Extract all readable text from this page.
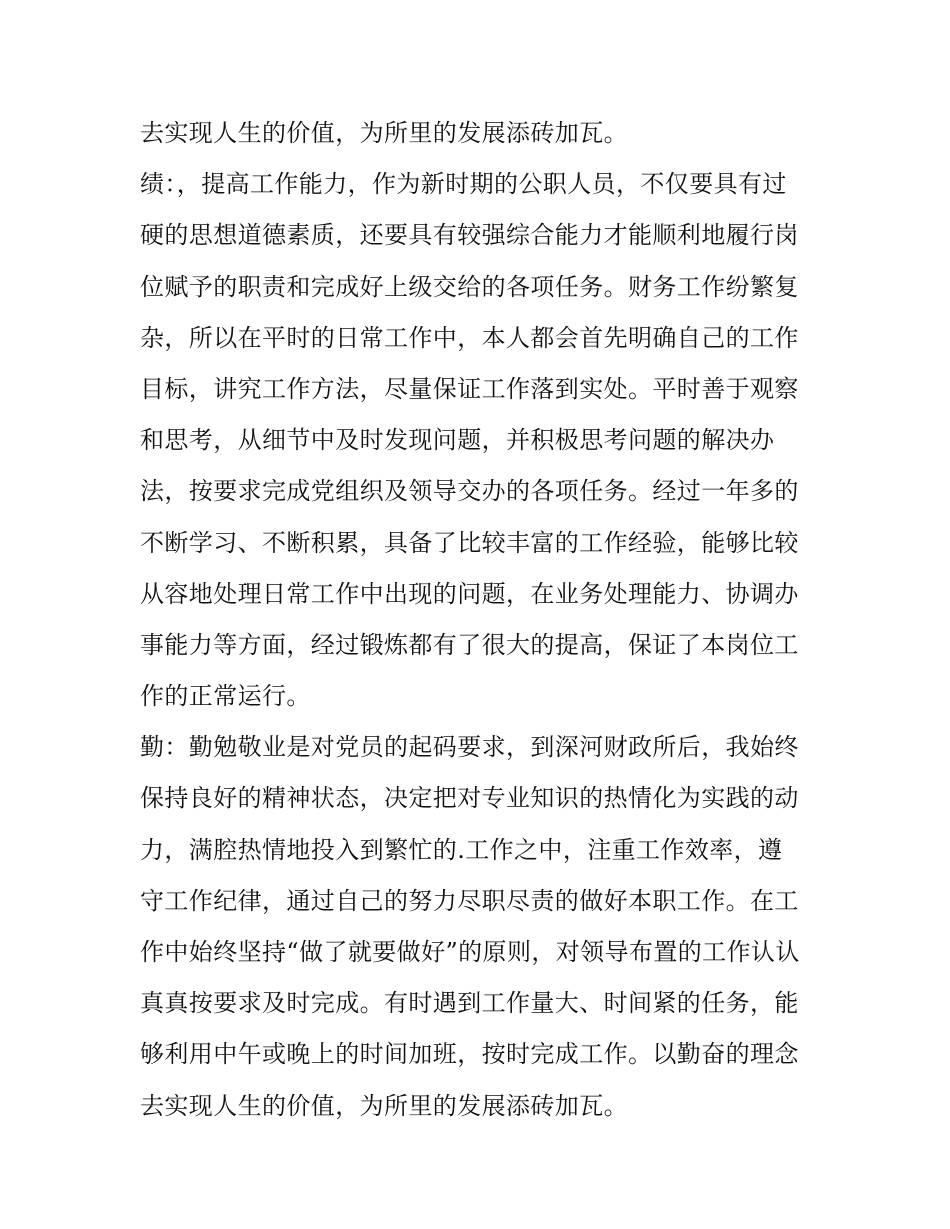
去实现人生的价值，为所里的发展添砖加瓦。
绩：，提高工作能力，作为新时期的公职人员，不仅要具有过
硬的思想道德素质，还要具有较强综合能力才能顺利地履行岗
位赋予的职责和完成好上级交给的各项任务。财务工作纷繁复
杂，所以在平时的日常工作中，本人都会首先明确自己的工作
目标，讲究工作方法，尽量保证工作落到实处。平时善于观察
和思考，从细节中及时发现问题，并积极思考问题的解决办
法，按要求完成党组织及领导交办的各项任务。经过一年多的
不断学习、不断积累，具备了比较丰富的工作经验，能够比较
从容地处理日常工作中出现的问题，在业务处理能力、协调办
事能力等方面，经过锻炼都有了很大的提高，保证了本岗位工
作的正常运行。
勤：勤勉敬业是对党员的起码要求，到深河财政所后，我始终
保持良好的精神状态，决定把对专业知识的热情化为实践的动
力，满腔热情地投入到繁忙的.工作之中，注重工作效率，遵
守工作纪律，通过自己的努力尽职尽责的做好本职工作。在工
作中始终坚持“做了就要做好”的原则，对领导布置的工作认认
真真按要求及时完成。有时遇到工作量大、时间紧的任务，能
够利用中午或晚上的时间加班，按时完成工作。以勤奋的理念
去实现人生的价值，为所里的发展添砖加瓦。
